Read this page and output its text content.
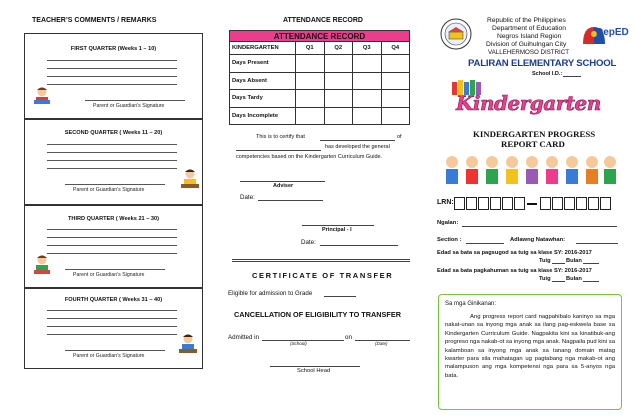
TEACHER’S COMMENTS / REMARKS
FIRST QUARTER (Weeks 1 – 10)
Parent or Guardian’s Signature
SECOND QUARTER ( Weeks 11 – 20)
Parent or Guardian’s Signature
THIRD QUARTER ( Weeks 21 – 30)
Parent or Guardian’s Signature
FOURTH QUARTER ( Weeks 31 – 40)
Parent or Guardian’s Signature
ATTENDANCE RECORD
ATTENDANCE RECORD				
KINDERGARTEN	Q1	Q2	Q3	Q4
Days Present				
Days Absent				
Days Tardy				
Days Incomplete				
This is to certify that	of
has developed the general
competencies based on the Kindergarten Curriculum Guide.
Adviser
Date:
Principal - I
Date:
CERTIFICATE OF TRANSFER
Eligible for admission to Grade
CANCELLATION OF ELIGIBILITY TO TRANSFER
Admitted in	on
(School)	(Date)
School Head
Republic of the Philippines
Department of Education
Negros Island Region
Division of Guihulngan City
VALLEHERMOSO DISTRICT
DepED
PALIRAN ELEMENTARY SCHOOL
School I.D.:
Kindergarten
KINDERGARTEN PROGRESS
REPORT CARD
LRN:
Ngalan:
Section :	Adlawng Natawhan:
Edad sa bata sa pagsugod sa tuig sa klase SY: 2016-2017
Tuig	Bulan
Edad sa bata pagkahuman sa tuig sa klase SY: 2016-2017
Tuig	Bulan
Sa mga Ginikanan:
Ang progress report card nagpahibalo kaninyo sa mga nakat-unan sa inyong mga anak sa ilang pag-eskwela base sa Kindergarten Curriculum Guide. Nagpakita kini sa kinatibuk-ang progreso nga nakab-ot sa inyong mga anak. Nagpaila pud kini sa kalamboan sa inyong mga anak sa tanang domain matag kwarter para sila mahatagan ug pagtabang nga makab-ot ang malampuson ang mga kompetensi nga para sa 5-anyos nga bata.
